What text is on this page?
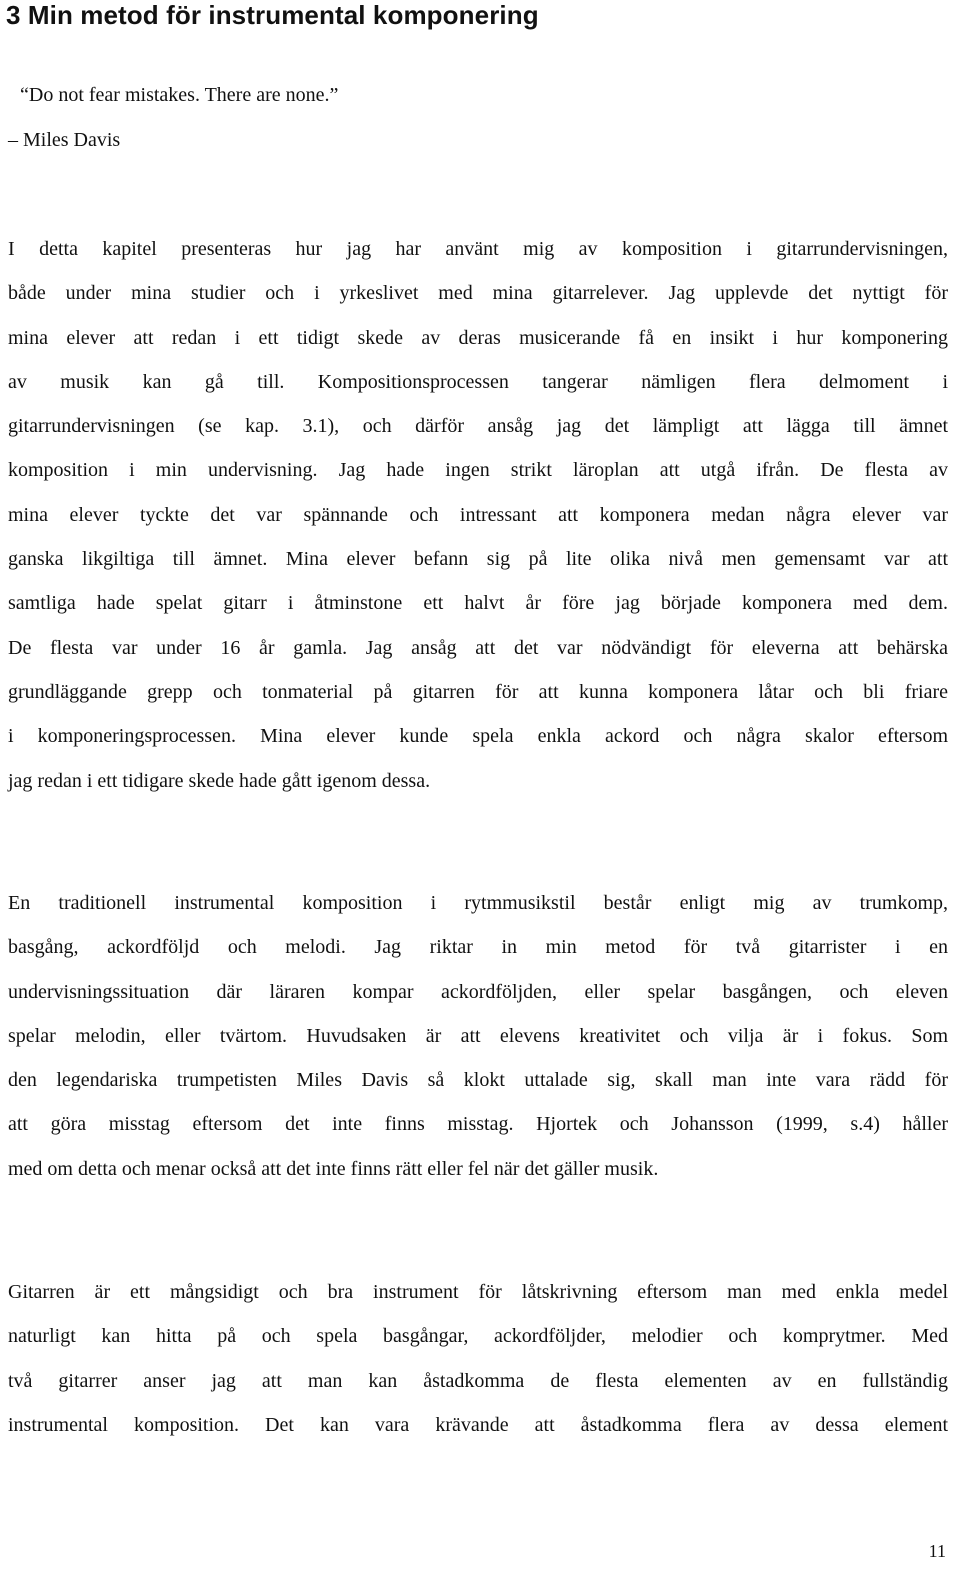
3 Min metod för instrumental komponering

“Do not fear mistakes. There are none.”

– Miles Davis

I detta kapitel presenteras hur jag har använt mig av komposition i gitarrundervisningen,
både under mina studier och i yrkeslivet med mina gitarrelever. Jag upplevde det nyttigt för
mina elever att redan i ett tidigt skede av deras musicerande få en insikt i hur komponering
av musik kan gå till. Kompositionsprocessen tangerar nämligen flera delmoment i
gitarrundervisningen (se kap. 3.1), och därför ansåg jag det lämpligt att lägga till ämnet
komposition i min undervisning. Jag hade ingen strikt läroplan att utgå ifrån. De flesta av
mina elever tyckte det var spännande och intressant att komponera medan några elever var
ganska likgiltiga till ämnet. Mina elever befann sig på lite olika nivå men gemensamt var att
samtliga hade spelat gitarr i åtminstone ett halvt år före jag började komponera med dem.
De flesta var under 16 år gamla. Jag ansåg att det var nödvändigt för eleverna att behärska
grundläggande grepp och tonmaterial på gitarren för att kunna komponera låtar och bli friare
i komponeringsprocessen. Mina elever kunde spela enkla ackord och några skalor eftersom
jag redan i ett tidigare skede hade gått igenom dessa.
En traditionell instrumental komposition i rytmmusikstil består enligt mig av trumkomp,
basgång, ackordföljd och melodi. Jag riktar in min metod för två gitarrister i en
undervisningssituation där läraren kompar ackordföljden, eller spelar basgången, och eleven
spelar melodin, eller tvärtom. Huvudsaken är att elevens kreativitet och vilja är i fokus. Som
den legendariska trumpetisten Miles Davis så klokt uttalade sig, skall man inte vara rädd för
att göra misstag eftersom det inte finns misstag. Hjortek och Johansson (1999, s.4) håller
med om detta och menar också att det inte finns rätt eller fel när det gäller musik.
Gitarren är ett mångsidigt och bra instrument för låtskrivning eftersom man med enkla medel
naturligt kan hitta på och spela basgångar, ackordföljder, melodier och komprytmer. Med
två gitarrer anser jag att man kan åstadkomma de flesta elementen av en fullständig
instrumental komposition. Det kan vara krävande att åstadkomma flera av dessa element

11
